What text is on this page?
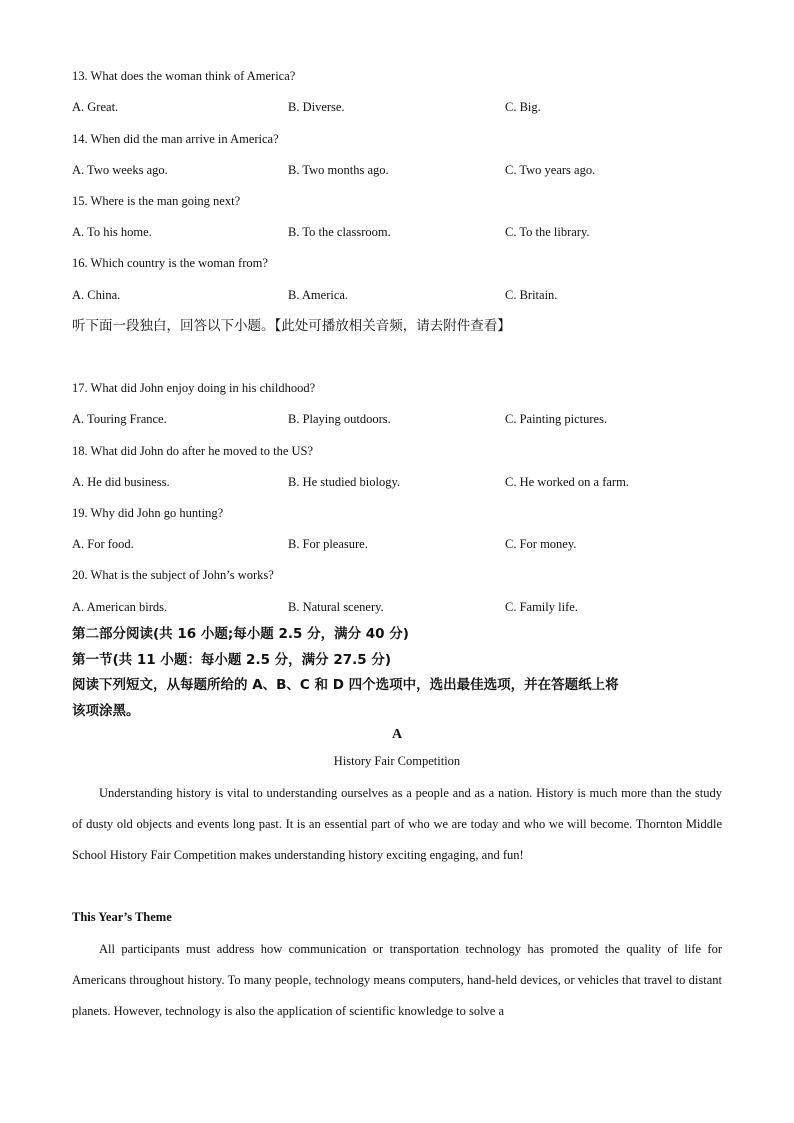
13. What does the woman think of America?
A. Great.	B. Diverse.	C. Big.
14. When did the man arrive in America?
A. Two weeks ago.	B. Two months ago.	C. Two years ago.
15. Where is the man going next?
A. To his home.	B. To the classroom.	C. To the library.
16. Which country is the woman from?
A. China.	B. America.	C. Britain.
听下面一段独白，回答以下小题。【此处可播放相关音频，请去附件查看】
17. What did John enjoy doing in his childhood?
A. Touring France.	B. Playing outdoors.	C. Painting pictures.
18. What did John do after he moved to the US?
A. He did business.	B. He studied biology.	C. He worked on a farm.
19. Why did John go hunting?
A. For food.	B. For pleasure.	C. For money.
20. What is the subject of John’s works?
A. American birds.	B. Natural scenery.	C. Family life.
第二部分阅读(共 16 小题;每小题 2.5 分，满分 40 分)
第一节(共 11 小题：每小题 2.5 分，满分 27.5 分)
阅读下列短文，从每题所给的 A、B、C 和 D 四个选项中，选出最佳选项，并在答题纸上将
该项涂黑。
A
History Fair Competition
Understanding history is vital to understanding ourselves as a people and as a nation. History is much more than the study of dusty old objects and events long past. It is an essential part of who we are today and who we will become. Thornton Middle School History Fair Competition makes understanding history exciting engaging, and fun!
This Year’s Theme
All participants must address how communication or transportation technology has promoted the quality of life for Americans throughout history. To many people, technology means computers, hand-held devices, or vehicles that travel to distant planets. However, technology is also the application of scientific knowledge to solve a
